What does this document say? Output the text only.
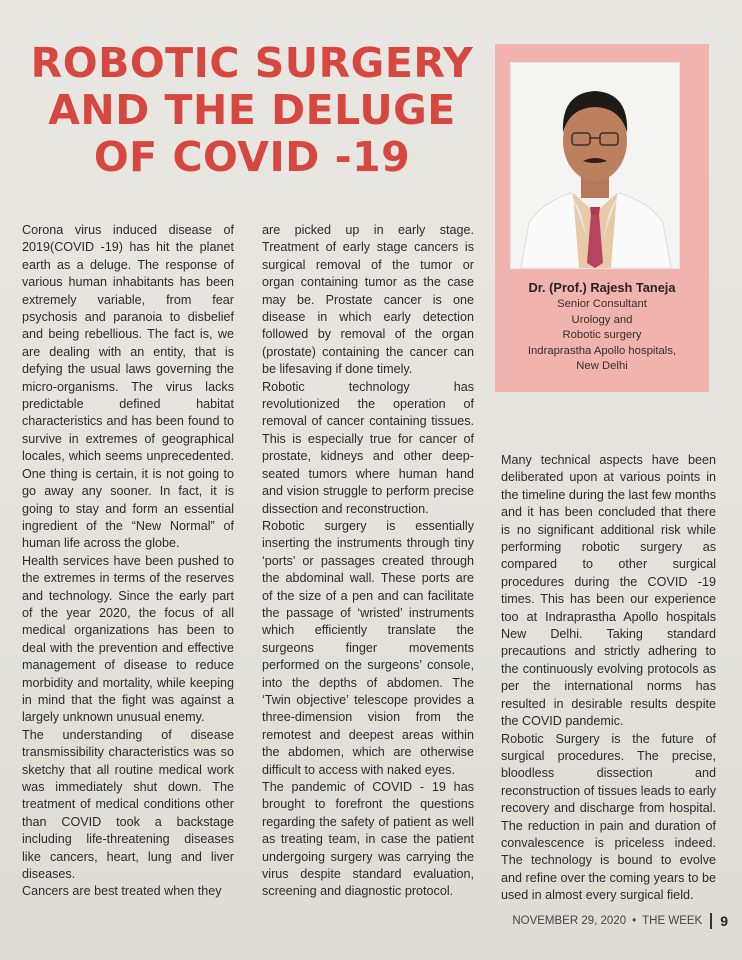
ROBOTIC SURGERY
AND THE DELUGE
OF COVID -19
Dr. (Prof.) Rajesh Taneja
Senior Consultant
Urology and
Robotic surgery
Indraprastha Apollo hospitals,
New Delhi

Corona virus induced disease of 2019(COVID -19) has hit the planet earth as a deluge. The response of various human inhabitants has been extremely variable, from fear psychosis and paranoia to disbelief and being rebellious. The fact is, we are dealing with an entity, that is defying the usual laws governing the micro-organisms. The virus lacks predictable defined habitat characteristics and has been found to survive in extremes of geographical locales, which seems unprecedented. One thing is certain, it is not going to go away any sooner. In fact, it is going to stay and form an essential ingredient of the “New Normal” of human life across the globe.

Health services have been pushed to the extremes in terms of the reserves and technology. Since the early part of the year 2020, the focus of all medical organizations has been to deal with the prevention and effective management of disease to reduce morbidity and mortality, while keeping in mind that the fight was against a largely unknown unusual enemy.

The understanding of disease transmissibility characteristics was so sketchy that all routine medical work was immediately shut down. The treatment of medical conditions other than COVID took a backstage including life-threatening diseases like cancers, heart, lung and liver diseases.

Cancers are best treated when they

are picked up in early stage. Treatment of early stage cancers is surgical removal of the tumor or organ containing tumor as the case may be. Prostate cancer is one disease in which early detection followed by removal of the organ (prostate) containing the cancer can be lifesaving if done timely.

Robotic technology has revolutionized the operation of removal of cancer containing tissues. This is especially true for cancer of prostate, kidneys and other deep-seated tumors where human hand and vision struggle to perform precise dissection and reconstruction.

Robotic surgery is essentially inserting the instruments through tiny ‘ports’ or passages created through the abdominal wall. These ports are of the size of a pen and can facilitate the passage of ‘wristed’ instruments which efficiently translate the surgeons finger movements performed on the surgeons’ console, into the depths of abdomen. The ‘Twin objective’ telescope provides a three-dimension vision from the remotest and deepest areas within the abdomen, which are otherwise difficult to access with naked eyes.

The pandemic of COVID - 19 has brought to forefront the questions regarding the safety of patient as well as treating team, in case the patient undergoing surgery was carrying the virus despite standard evaluation, screening and diagnostic protocol.

Many technical aspects have been deliberated upon at various points in the timeline during the last few months and it has been concluded that there is no significant additional risk while performing robotic surgery as compared to other surgical procedures during the COVID -19 times. This has been our experience too at Indraprastha Apollo hospitals New Delhi. Taking standard precautions and strictly adhering to the continuously evolving protocols as per the international norms has resulted in desirable results despite the COVID pandemic.

Robotic Surgery is the future of surgical procedures. The precise, bloodless dissection and reconstruction of tissues leads to early recovery and discharge from hospital. The reduction in pain and duration of convalescence is priceless indeed. The technology is bound to evolve and refine over the coming years to be used in almost every surgical field.

NOVEMBER 29, 2020 • THE WEEK 9
